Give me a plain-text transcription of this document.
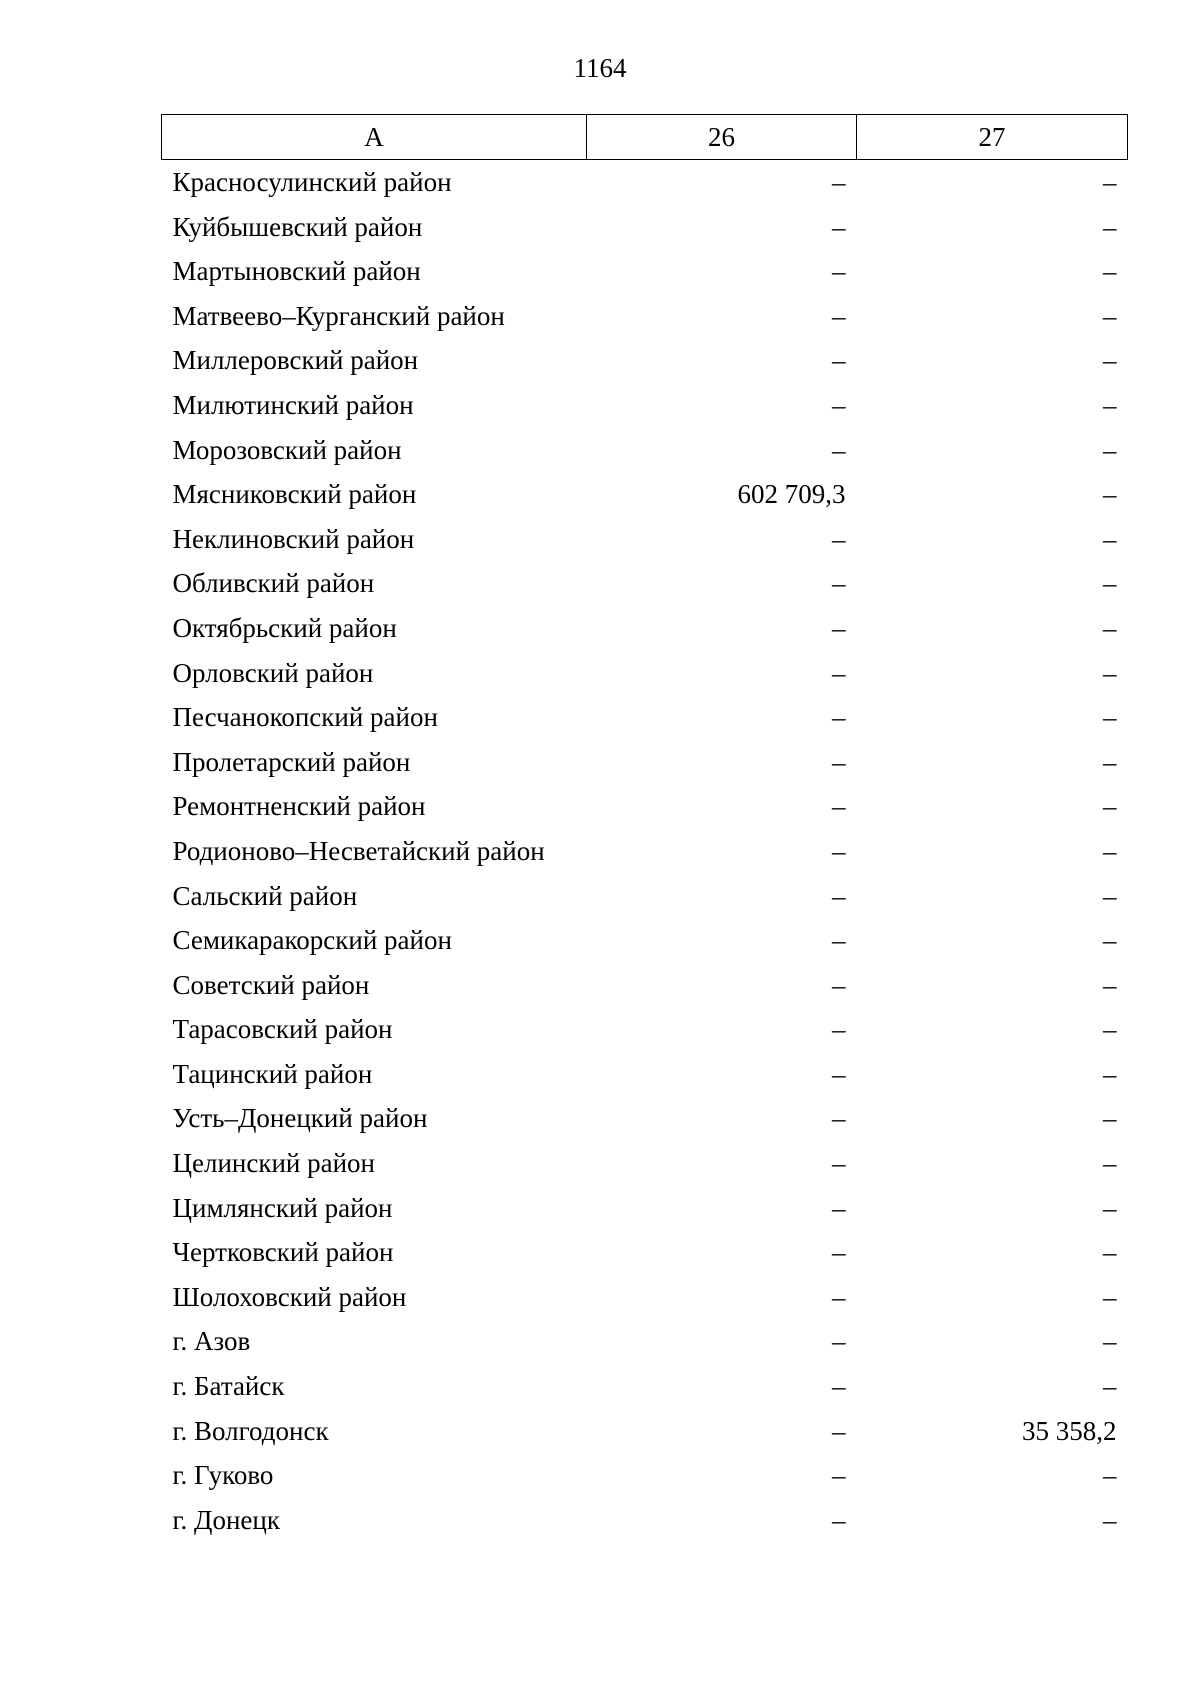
1164
А	26	27
Красносулинский район	–	–
Куйбышевский район	–	–
Мартыновский район	–	–
Матвеево–Курганский район	–	–
Миллеровский район	–	–
Милютинский район	–	–
Морозовский район	–	–
Мясниковский район	602 709,3	–
Неклиновский район	–	–
Обливский район	–	–
Октябрьский район	–	–
Орловский район	–	–
Песчанокопский район	–	–
Пролетарский район	–	–
Ремонтненский район	–	–
Родионово–Несветайский район	–	–
Сальский район	–	–
Семикаракорский район	–	–
Советский район	–	–
Тарасовский район	–	–
Тацинский район	–	–
Усть–Донецкий район	–	–
Целинский район	–	–
Цимлянский район	–	–
Чертковский район	–	–
Шолоховский район	–	–
г. Азов	–	–
г. Батайск	–	–
г. Волгодонск	–	35 358,2
г. Гуково	–	–
г. Донецк	–	–
